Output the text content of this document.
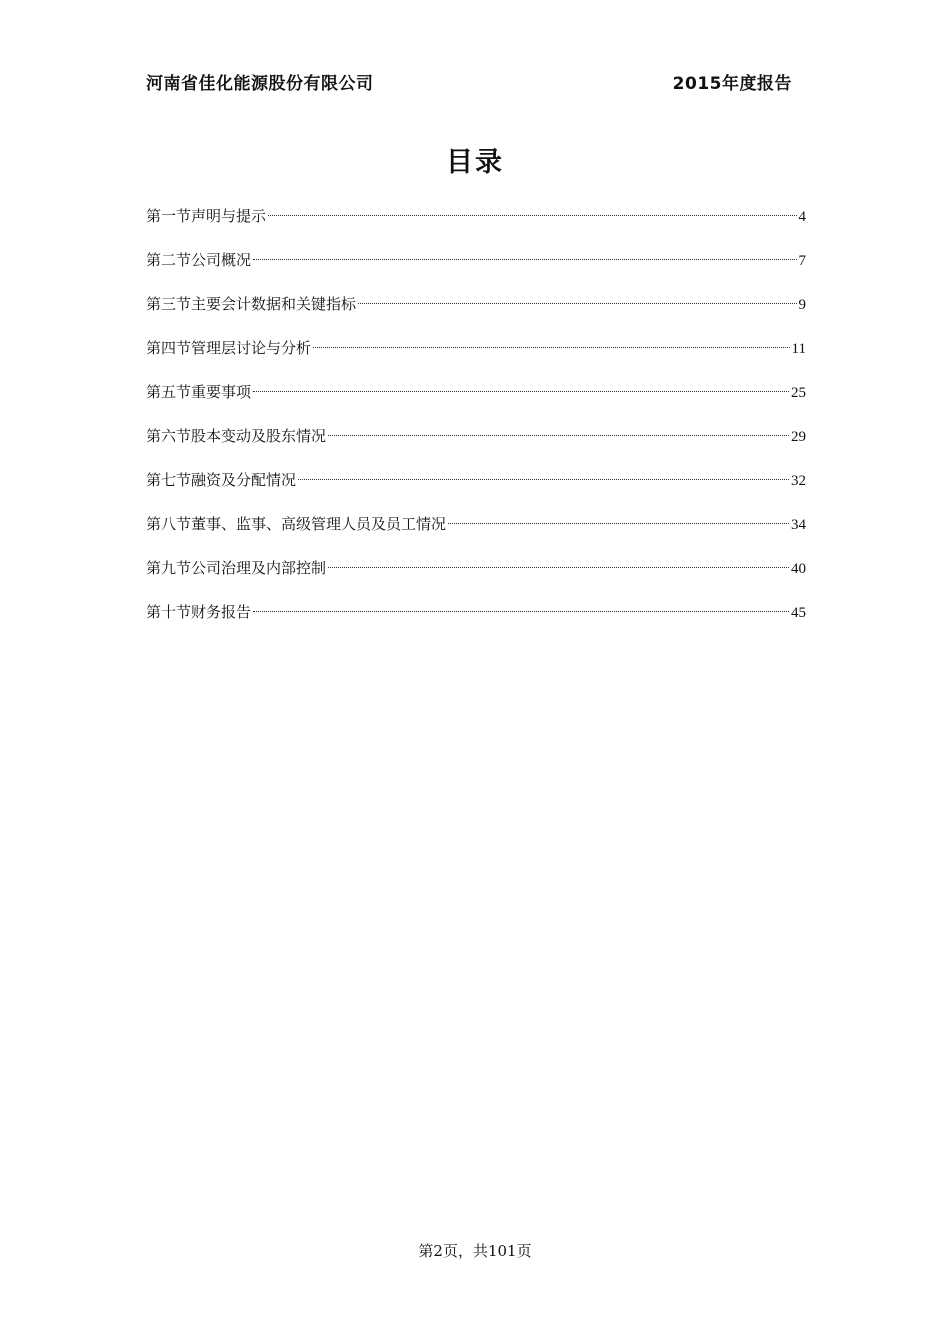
河南省佳化能源股份有限公司	2015年度报告
目录
第一节声明与提示	4
第二节公司概况	7
第三节主要会计数据和关键指标	9
第四节管理层讨论与分析	11
第五节重要事项	25
第六节股本变动及股东情况	29
第七节融资及分配情况	32
第八节董事、监事、高级管理人员及员工情况	34
第九节公司治理及内部控制	40
第十节财务报告	45
第2页，共101页
